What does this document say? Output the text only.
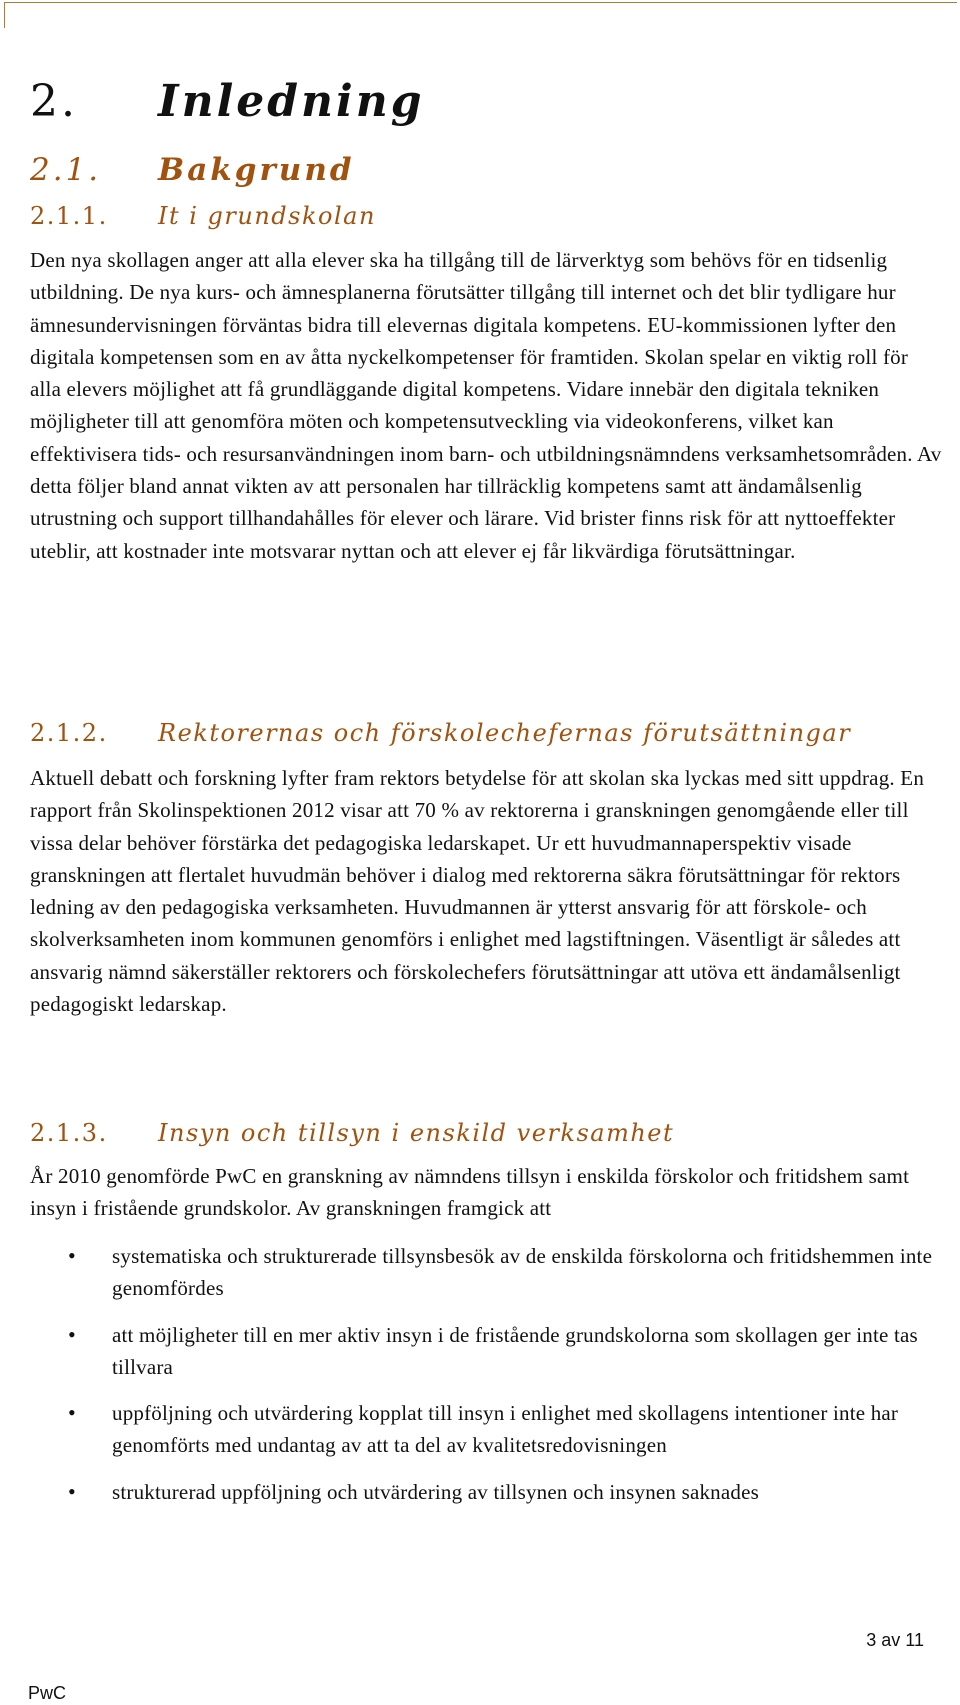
2. Inledning
2.1. Bakgrund
2.1.1. It i grundskolan

Den nya skollagen anger att alla elever ska ha tillgång till de lärverktyg som behövs för en tidsenlig utbildning. De nya kurs- och ämnesplanerna förutsätter tillgång till internet och det blir tydligare hur ämnesundervisningen förväntas bidra till elevernas digitala kompetens. EU-kommissionen lyfter den digitala kompetensen som en av åtta nyckelkompetenser för framtiden. Skolan spelar en viktig roll för alla elevers möjlighet att få grundläggande digital kompetens. Vidare innebär den digitala tekniken möjligheter till att genomföra möten och kompetensutveckling via videokonferens, vilket kan effektivisera tids- och resursanvändningen inom barn- och utbildningsnämndens verksamhetsområden. Av detta följer bland annat vikten av att personalen har tillräcklig kompetens samt att ändamålsenlig utrustning och support tillhandahålles för elever och lärare. Vid brister finns risk för att nyttoeffekter uteblir, att kostnader inte motsvarar nyttan och att elever ej får likvärdiga förutsättningar.

2.1.2. Rektorernas och förskolechefernas förutsättningar

Aktuell debatt och forskning lyfter fram rektors betydelse för att skolan ska lyckas med sitt uppdrag. En rapport från Skolinspektionen 2012 visar att 70 % av rektorerna i granskningen genomgående eller till vissa delar behöver förstärka det pedagogiska ledarskapet. Ur ett huvudmannaperspektiv visade granskningen att flertalet huvudmän behöver i dialog med rektorerna säkra förutsättningar för rektors ledning av den pedagogiska verksamheten. Huvudmannen är ytterst ansvarig för att förskole- och skolverksamheten inom kommunen genomförs i enlighet med lagstiftningen. Väsentligt är således att ansvarig nämnd säkerställer rektorers och förskolechefers förutsättningar att utöva ett ändamålsenligt pedagogiskt ledarskap.

2.1.3. Insyn och tillsyn i enskild verksamhet

År 2010 genomförde PwC en granskning av nämndens tillsyn i enskilda förskolor och fritidshem samt insyn i fristående grundskolor. Av granskningen framgick att

• systematiska och strukturerade tillsynsbesök av de enskilda förskolorna och fritidshemmen inte genomfördes
• att möjligheter till en mer aktiv insyn i de fristående grundskolorna som skollagen ger inte tas tillvara
• uppföljning och utvärdering kopplat till insyn i enlighet med skollagens intentioner inte har genomförts med undantag av att ta del av kvalitetsredovisningen
• strukturerad uppföljning och utvärdering av tillsynen och insynen saknades
3 av 11
PwC
